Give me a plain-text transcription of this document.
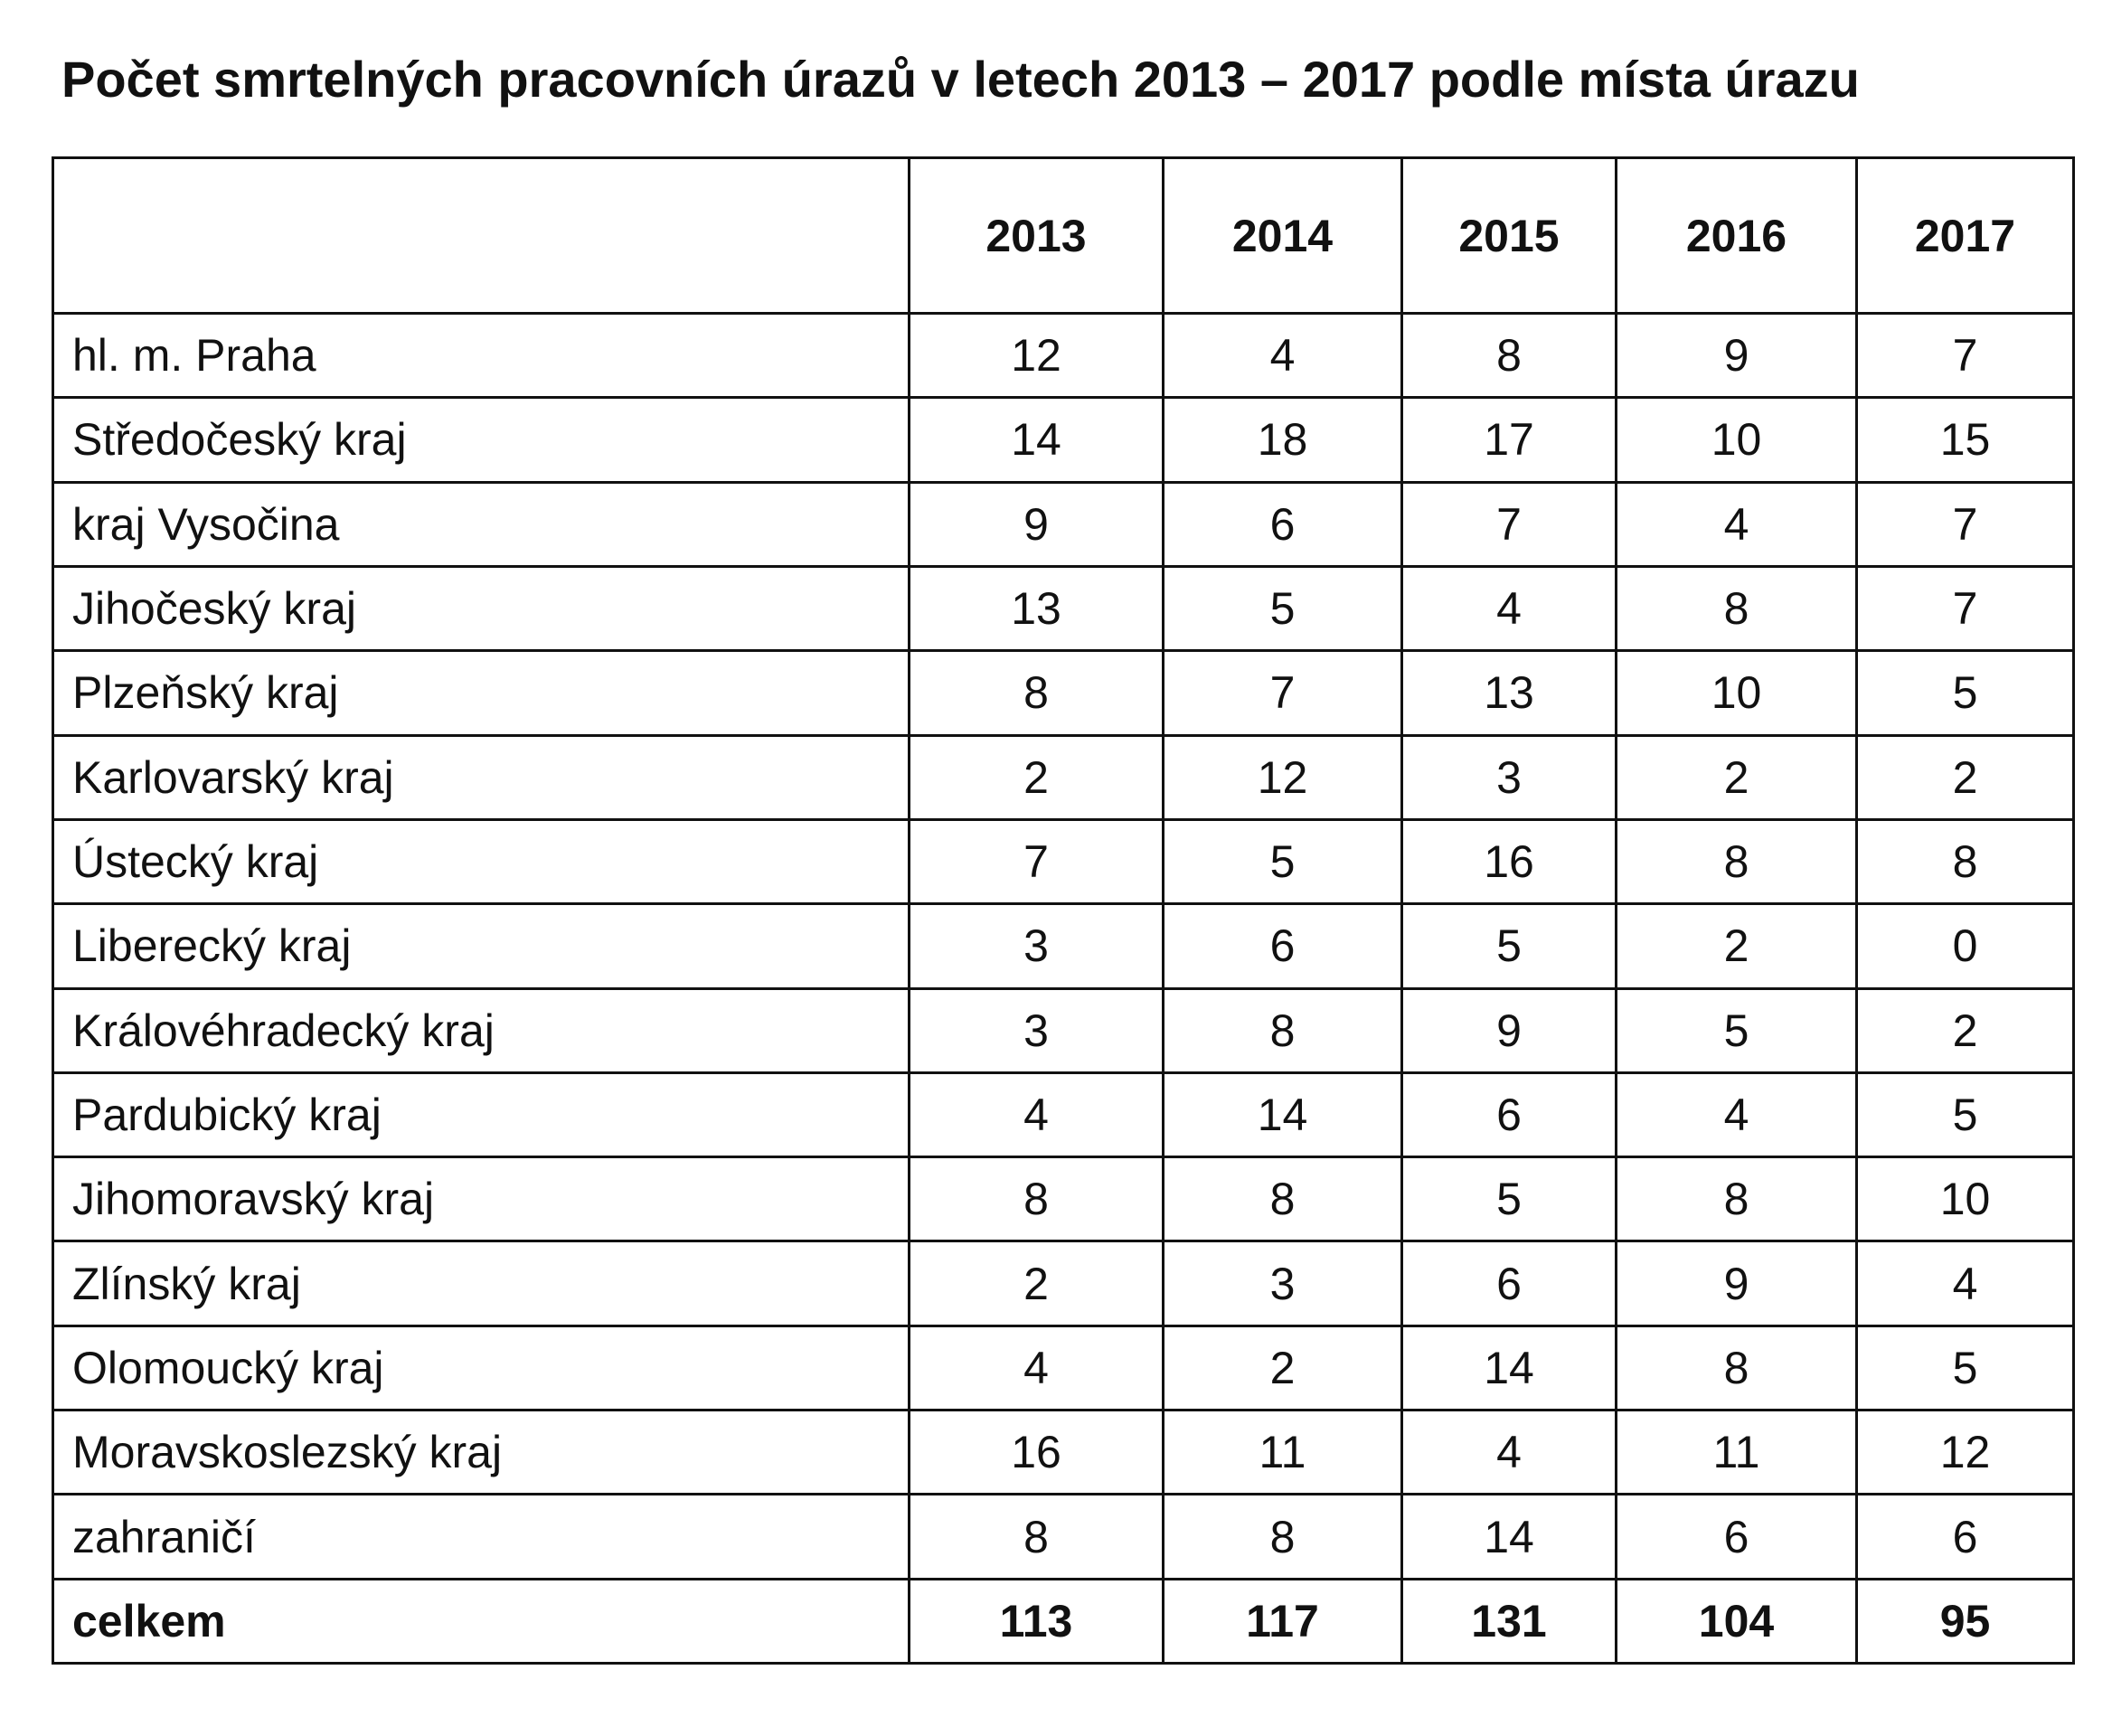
Počet smrtelných pracovních úrazů v letech 2013 – 2017 podle místa úrazu
	2013	2014	2015	2016	2017
hl. m. Praha	12	4	8	9	7
Středočeský kraj	14	18	17	10	15
kraj Vysočina	9	6	7	4	7
Jihočeský kraj	13	5	4	8	7
Plzeňský kraj	8	7	13	10	5
Karlovarský kraj	2	12	3	2	2
Ústecký kraj	7	5	16	8	8
Liberecký kraj	3	6	5	2	0
Královéhradecký kraj	3	8	9	5	2
Pardubický kraj	4	14	6	4	5
Jihomoravský kraj	8	8	5	8	10
Zlínský kraj	2	3	6	9	4
Olomoucký kraj	4	2	14	8	5
Moravskoslezský kraj	16	11	4	11	12
zahraničí	8	8	14	6	6
celkem	113	117	131	104	95
